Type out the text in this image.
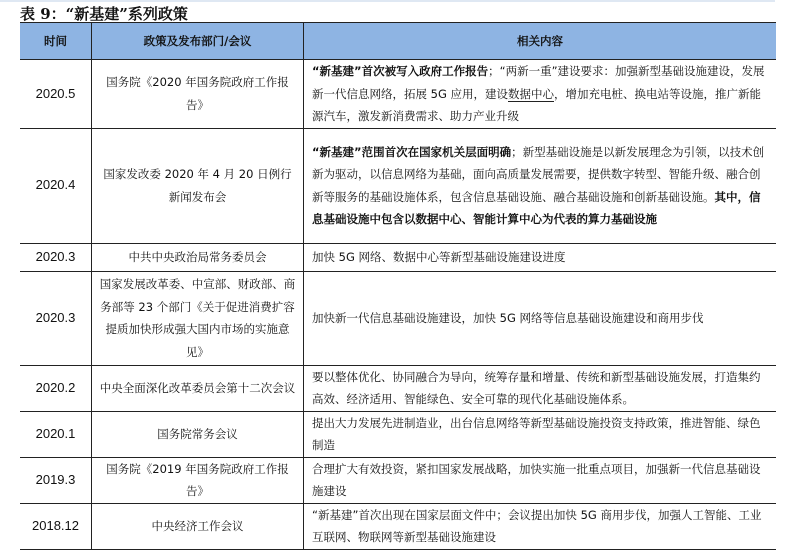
表 9：“新基建”系列政策
时间	政策及发布部门/会议	相关内容
2020.5	国务院《2020 年国务院政府工作报告》	“新基建”首次被写入政府工作报告；“两新一重”建设要求：加强新型基础设施建设，发展新一代信息网络，拓展 5G 应用，建设数据中心，增加充电桩、换电站等设施，推广新能源汽车，激发新消费需求、助力产业升级
2020.4	国家发改委 2020 年 4 月 20 日例行新闻发布会	“新基建”范围首次在国家机关层面明确；新型基础设施是以新发展理念为引领，以技术创新为驱动，以信息网络为基础，面向高质量发展需要，提供数字转型、智能升级、融合创新等服务的基础设施体系，包含信息基础设施、融合基础设施和创新基础设施。其中，信息基础设施中包含以数据中心、智能计算中心为代表的算力基础设施
2020.3	中共中央政治局常务委员会	加快 5G 网络、数据中心等新型基础设施建设进度
2020.3	国家发展改革委、中宣部、财政部、商务部等 23 个部门《关于促进消费扩容提质加快形成强大国内市场的实施意见》	加快新一代信息基础设施建设，加快 5G 网络等信息基础设施建设和商用步伐
2020.2	中央全面深化改革委员会第十二次会议	要以整体优化、协同融合为导向，统筹存量和增量、传统和新型基础设施发展，打造集约高效、经济适用、智能绿色、安全可靠的现代化基础设施体系。
2020.1	国务院常务会议	提出大力发展先进制造业，出台信息网络等新型基础设施投资支持政策，推进智能、绿色制造
2019.3	国务院《2019 年国务院政府工作报告》	合理扩大有效投资，紧扣国家发展战略，加快实施一批重点项目，加强新一代信息基础设施建设
2018.12	中央经济工作会议	“新基建”首次出现在国家层面文件中；会议提出加快 5G 商用步伐，加强人工智能、工业互联网、物联网等新型基础设施建设
